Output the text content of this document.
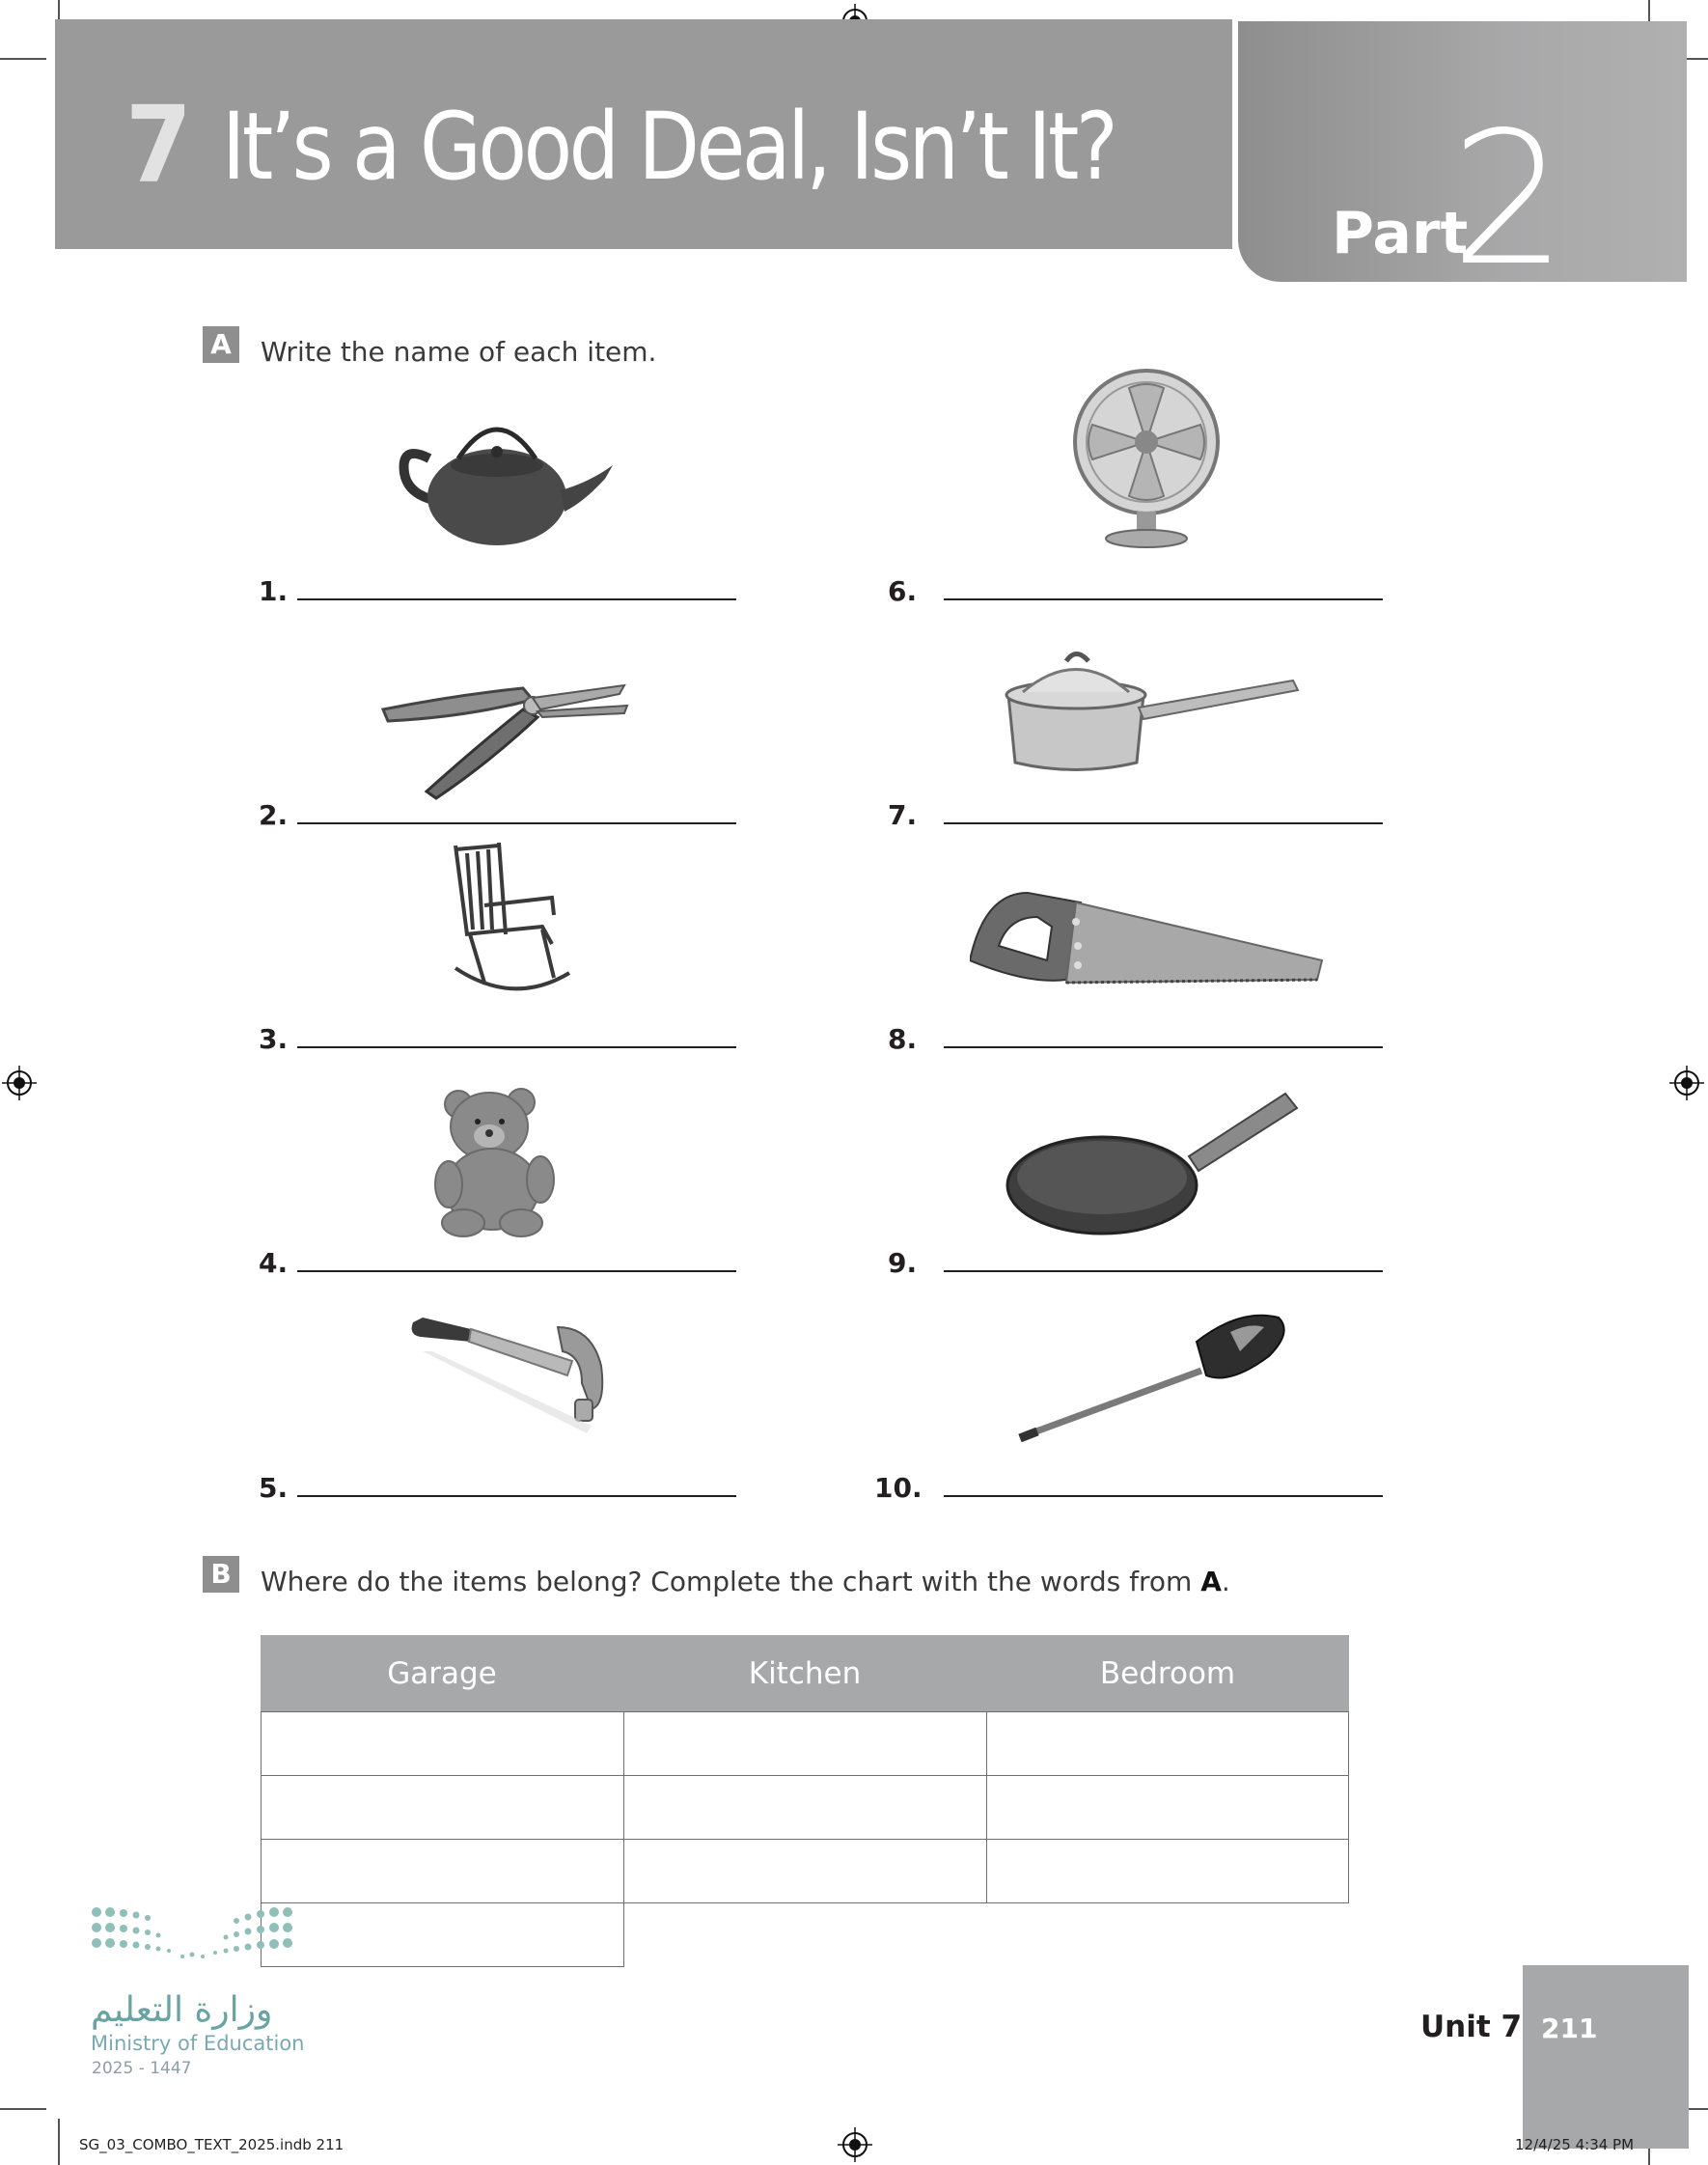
7 It’s a Good Deal, Isn’t It?
Part
2
A Write the name of each item.
1.
2.
3.
4.
5.
6.
7.
8.
9.
10.
B Where do the items belong? Complete the chart with the words from A.
Garage	Kitchen	Bedroom
وزارة التعليم
Ministry of Education
2025 - 1447
Unit 7 211
SG_03_COMBO_TEXT_2025.indb 211	12/4/25 4:34 PM
